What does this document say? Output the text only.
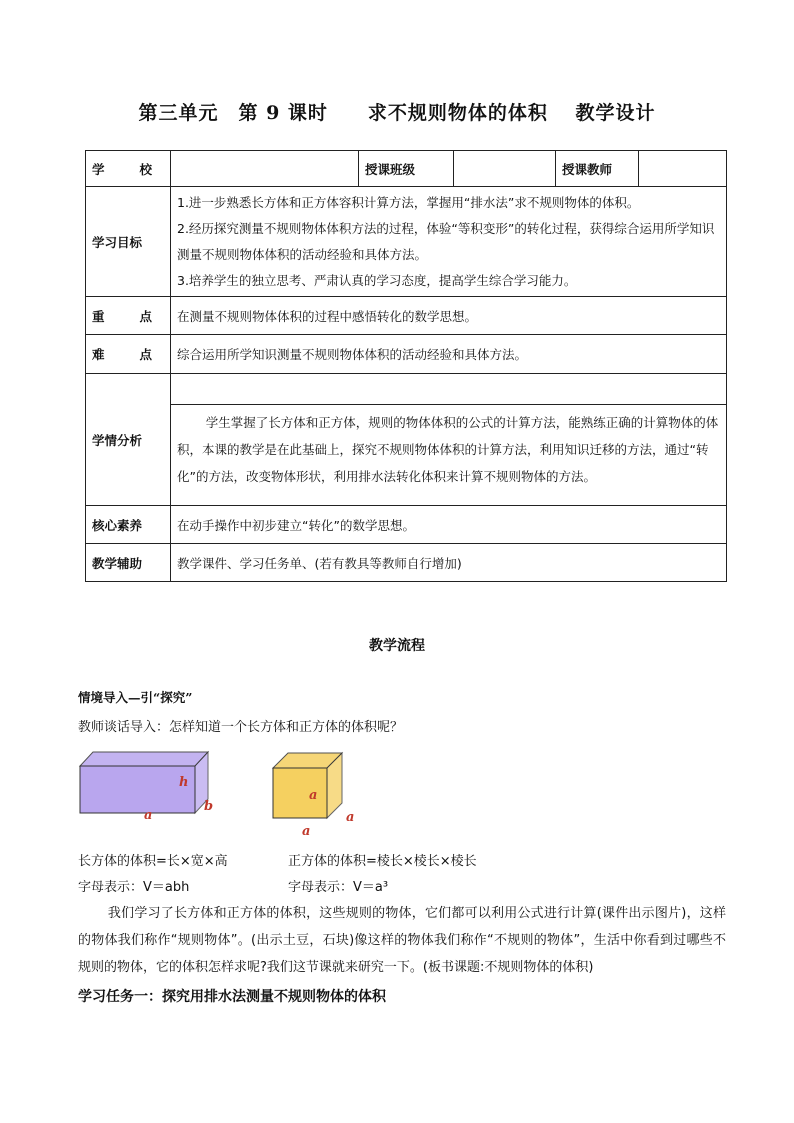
第三单元　第 9 课时　　求不规则物体的体积　 教学设计
学 校		授课班级		授课教师	
学习目标	1.进一步熟悉长方体和正方体容积计算方法，掌握用“排水法”求不规则物体的体积。
2.经历探究测量不规则物体体积方法的过程，体验“等积变形”的转化过程，获得综合运用所学知识测量不规则物体体积的活动经验和具体方法。
3.培养学生的独立思考、严肃认真的学习态度，提高学生综合学习能力。				

重 点	在测量不规则物体体积的过程中感悟转化的数学思想。				

难 点	综合运用所学知识测量不规则物体体积的活动经验和具体方法。				
学情分析	学生掌握了长方体和正方体，规则的物体体积的公式的计算方法，能熟练正确的计算物体的体积，本课的教学是在此基础上，探究不规则物体体积的计算方法，利用知识迁移的方法，通过“转化”的方法，改变物体形状，利用排水法转化体积来计算不规则物体的方法。				

核心素养	在动手操作中初步建立“转化”的数学思想。				
教学辅助	教学课件、学习任务单、(若有教具等教师自行增加)				
教学流程
情境导入—引“探究”
教师谈话导入：怎样知道一个长方体和正方体的体积呢？
h
a
b
a
a
a
长方体的体积=长×宽×高	正方体的体积=棱长×棱长×棱长
字母表示：V＝abh	字母表示：V＝a³
我们学习了长方体和正方体的体积，这些规则的物体，它们都可以利用公式进行计算(课件出示图片)，这样的物体我们称作“规则物体”。(出示土豆，石块)像这样的物体我们称作“不规则的物体”，生活中你看到过哪些不规则的物体，它的体积怎样求呢?我们这节课就来研究一下。(板书课题:不规则物体的体积)
学习任务一：探究用排水法测量不规则物体的体积
